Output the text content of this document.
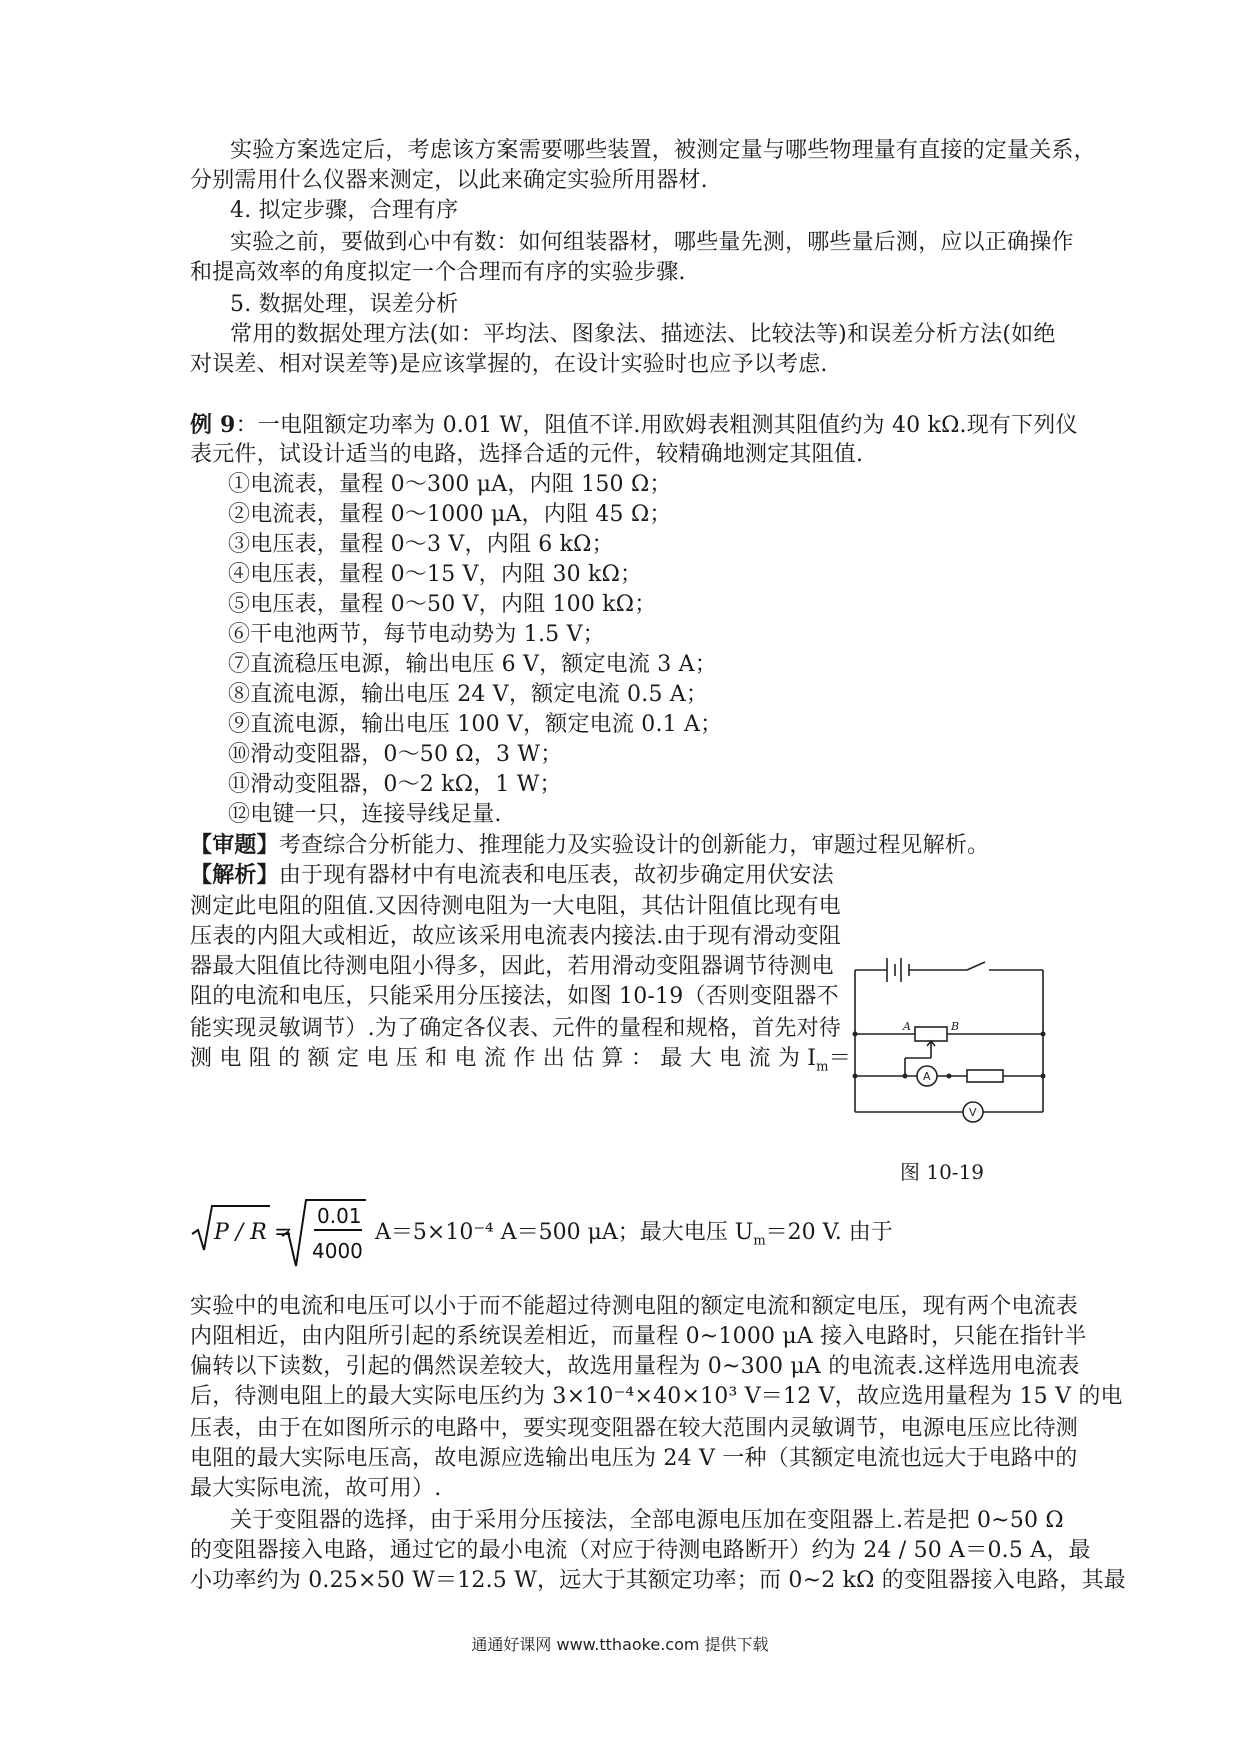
实验方案选定后，考虑该方案需要哪些装置，被测定量与哪些物理量有直接的定量关系，
分别需用什么仪器来测定，以此来确定实验所用器材.
4. 拟定步骤，合理有序
实验之前，要做到心中有数：如何组装器材，哪些量先测，哪些量后测，应以正确操作
和提高效率的角度拟定一个合理而有序的实验步骤.
5. 数据处理，误差分析
常用的数据处理方法(如：平均法、图象法、描迹法、比较法等)和误差分析方法(如绝
对误差、相对误差等)是应该掌握的，在设计实验时也应予以考虑.
例 9：一电阻额定功率为 0.01 W，阻值不详.用欧姆表粗测其阻值约为 40 kΩ.现有下列仪
表元件，试设计适当的电路，选择合适的元件，较精确地测定其阻值.
①电流表，量程 0～300 μA，内阻 150 Ω；
②电流表，量程 0～1000 μA，内阻 45 Ω；
③电压表，量程 0～3 V，内阻 6 kΩ；
④电压表，量程 0～15 V，内阻 30 kΩ；
⑤电压表，量程 0～50 V，内阻 100 kΩ；
⑥干电池两节，每节电动势为 1.5 V；
⑦直流稳压电源，输出电压 6 V，额定电流 3 A；
⑧直流电源，输出电压 24 V，额定电流 0.5 A；
⑨直流电源，输出电压 100 V，额定电流 0.1 A；
⑩滑动变阻器，0～50 Ω，3 W；
⑪滑动变阻器，0～2 kΩ，1 W；
⑫电键一只，连接导线足量.
【审题】考查综合分析能力、推理能力及实验设计的创新能力，审题过程见解析。
【解析】由于现有器材中有电流表和电压表，故初步确定用伏安法
测定此电阻的阻值.又因待测电阻为一大电阻，其估计阻值比现有电
压表的内阻大或相近，故应该采用电流表内接法.由于现有滑动变阻
器最大阻值比待测电阻小得多，因此，若用滑动变阻器调节待测电
阻的电流和电压，只能采用分压接法，如图 10-19（否则变阻器不
能实现灵敏调节）.为了确定各仪表、元件的量程和规格，首先对待
测 电 阻 的 额 定 电 压 和 电 流 作 出 估 算 ： 最 大 电 流 为 $I_m=$
P / R =
0.01
4000
A＝5×10⁻⁴ A＝500 μA；最大电压 $U_m=20$ V. 由于
实验中的电流和电压可以小于而不能超过待测电阻的额定电流和额定电压，现有两个电流表
内阻相近，由内阻所引起的系统误差相近，而量程 0~1000 μA 接入电路时，只能在指针半
偏转以下读数，引起的偶然误差较大，故选用量程为 0~300 μA 的电流表.这样选用电流表
后，待测电阻上的最大实际电压约为 3×10⁻⁴×40×10³ V＝12 V，故应选用量程为 15 V 的电
压表，由于在如图所示的电路中，要实现变阻器在较大范围内灵敏调节，电源电压应比待测
电阻的最大实际电压高，故电源应选输出电压为 24 V 一种（其额定电流也远大于电路中的
最大实际电流，故可用）.
关于变阻器的选择，由于采用分压接法，全部电源电压加在变阻器上.若是把 0~50 Ω
的变阻器接入电路，通过它的最小电流（对应于待测电路断开）约为 24 / 50 A＝0.5 A，最
小功率约为 0.25×50 W＝12.5 W，远大于其额定功率；而 0~2 kΩ 的变阻器接入电路，其最
A	B
A
V
图 10-19
通通好课网 www.tthaoke.com 提供下载
